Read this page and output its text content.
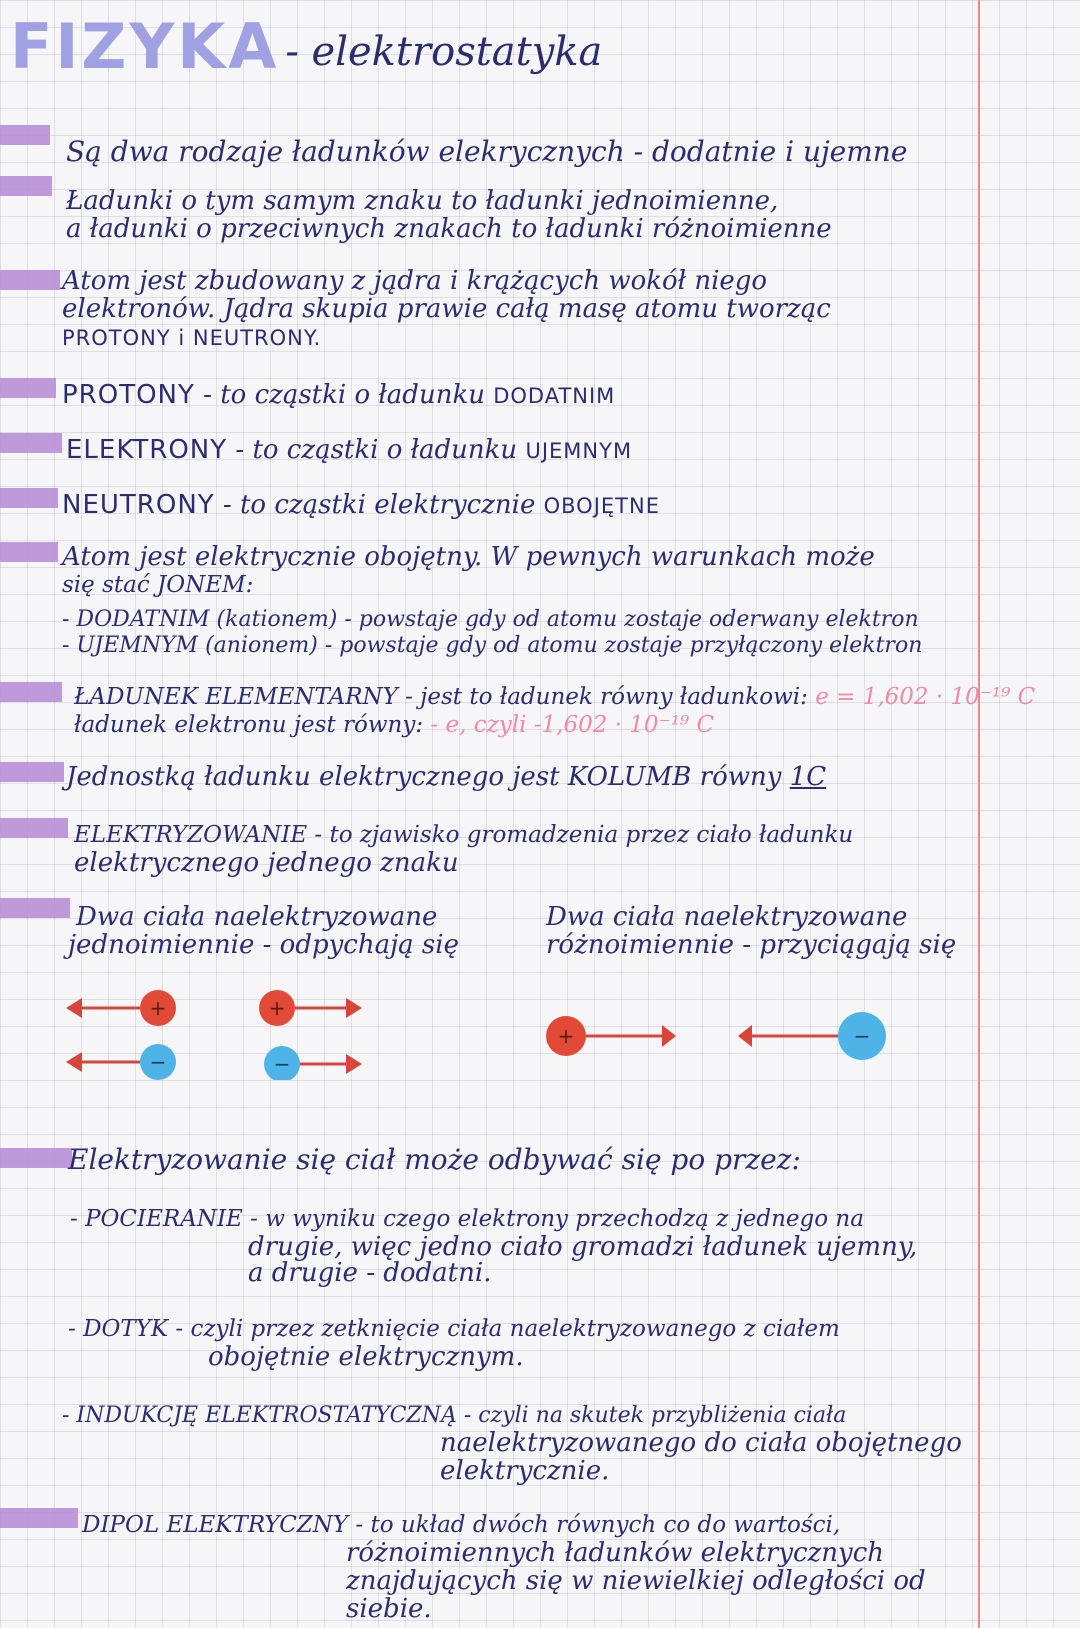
FIZYKA - elektrostatyka
Są dwa rodzaje ładunków elekrycznych - dodatnie i ujemne
Ładunki o tym samym znaku to ładunki jednoimienne,
a ładunki o przeciwnych znakach to ładunki różnoimienne
Atom jest zbudowany z jądra i krążących wokół niego
elektronów. Jądra skupia prawie całą masę atomu tworząc
PROTONY i NEUTRONY.
PROTONY - to cząstki o ładunku DODATNIM
ELEKTRONY - to cząstki o ładunku UJEMNYM
NEUTRONY - to cząstki elektrycznie OBOJĘTNE
Atom jest elektrycznie obojętny. W pewnych warunkach może
się stać JONEM:
- DODATNIM (kationem) - powstaje gdy od atomu zostaje oderwany elektron
- UJEMNYM (anionem) - powstaje gdy od atomu zostaje przyłączony elektron
ŁADUNEK ELEMENTARNY - jest to ładunek równy ładunkowi: e = 1,602 · 10⁻¹⁹ C
ładunek elektronu jest równy: - e, czyli -1,602 · 10⁻¹⁹ C
Jednostką ładunku elektrycznego jest KOLUMB równy 1C
ELEKTRYZOWANIE - to zjawisko gromadzenia przez ciało ładunku
elektrycznego jednego znaku
Dwa ciała naelektryzowane
jednoimiennie - odpychają się
Dwa ciała naelektryzowane
różnoimiennie - przyciągają się
+
−
+
−
+	−
Elektryzowanie się ciał może odbywać się po przez:
- POCIERANIE - w wyniku czego elektrony przechodzą z jednego na
drugie, więc jedno ciało gromadzi ładunek ujemny,
a drugie - dodatni.
- DOTYK - czyli przez zetknięcie ciała naelektryzowanego z ciałem
obojętnie elektrycznym.
- INDUKCJĘ ELEKTROSTATYCZNĄ - czyli na skutek przybliżenia ciała
naelektryzowanego do ciała obojętnego
elektrycznie.
DIPOL ELEKTRYCZNY - to układ dwóch równych co do wartości,
różnoimiennych ładunków elektrycznych
znajdujących się w niewielkiej odległości od
siebie.
